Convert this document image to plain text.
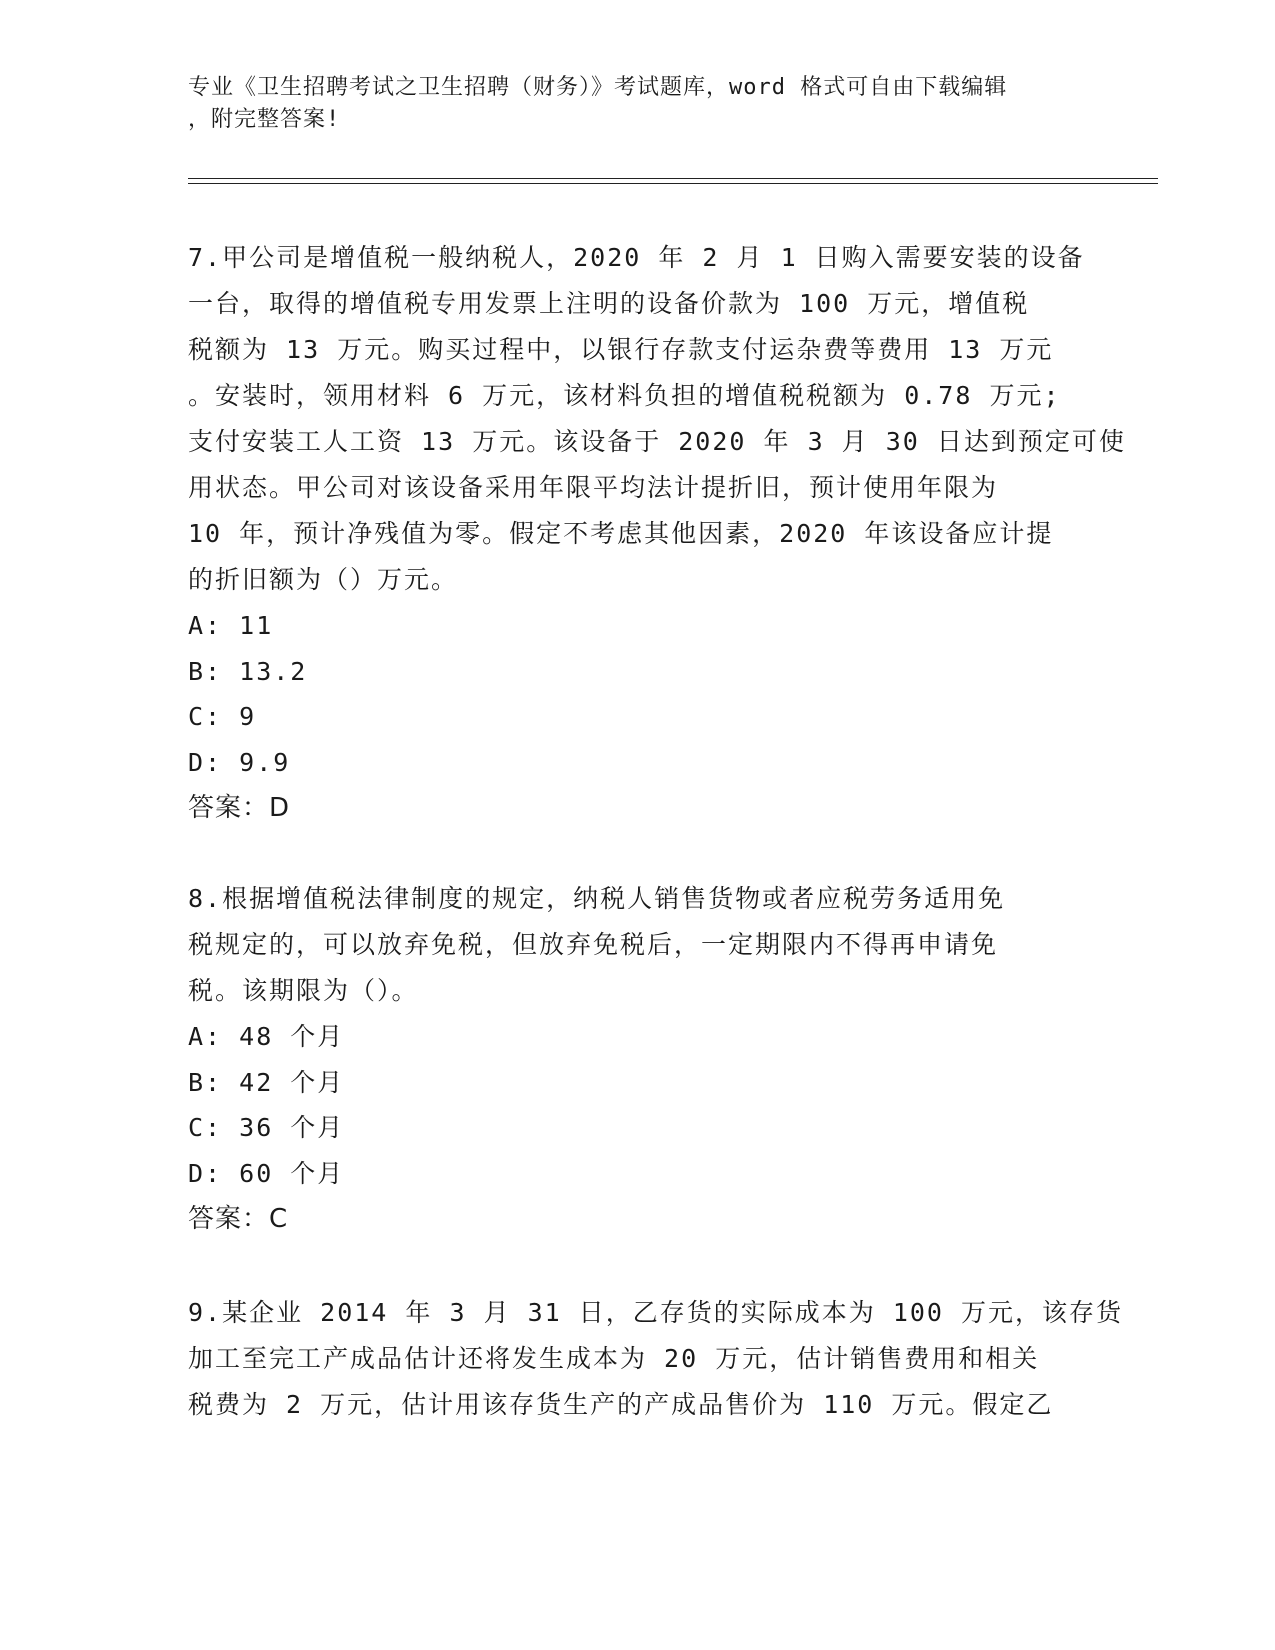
专业《卫生招聘考试之卫生招聘（财务）》考试题库，word 格式可自由下载编辑

，附完整答案!

7.甲公司是增值税一般纳税人，2020 年 2 月 1 日购入需要安装的设备
一台，取得的增值税专用发票上注明的设备价款为 100 万元，增值税
税额为 13 万元。购买过程中，以银行存款支付运杂费等费用 13 万元
。安装时，领用材料 6 万元，该材料负担的增值税税额为 0.78 万元;
支付安装工人工资 13 万元。该设备于 2020 年 3 月 30 日达到预定可使
用状态。甲公司对该设备采用年限平均法计提折旧，预计使用年限为
10 年，预计净残值为零。假定不考虑其他因素，2020 年该设备应计提
的折旧额为（）万元。
A: 11
B: 13.2
C: 9
D: 9.9
答案：D
8.根据增值税法律制度的规定，纳税人销售货物或者应税劳务适用免
税规定的，可以放弃免税，但放弃免税后，一定期限内不得再申请免
税。该期限为（）。
A: 48 个月
B: 42 个月
C: 36 个月
D: 60 个月
答案：C
9.某企业 2014 年 3 月 31 日，乙存货的实际成本为 100 万元，该存货
加工至完工产成品估计还将发生成本为 20 万元，估计销售费用和相关
税费为 2 万元，估计用该存货生产的产成品售价为 110 万元。假定乙
